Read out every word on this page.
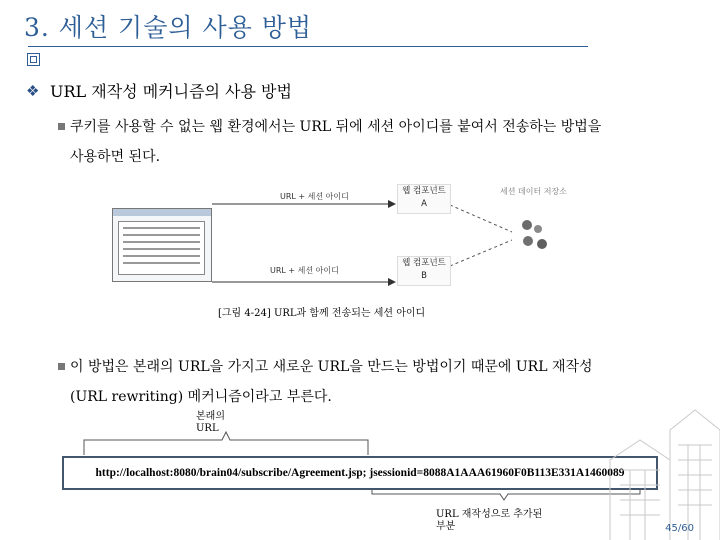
3. 세션 기술의 사용 방법
❖ URL 재작성 메커니즘의 사용 방법
쿠키를 사용할 수 없는 웹 환경에서는 URL 뒤에 세션 아이디를 붙여서 전송하는 방법을
사용하면 된다.
URL + 세션 아이디
URL + 세션 아이디
웹 컴포넌트
A
웹 컴포넌트
B
세션 데이터 저장소
[그림 4-24] URL과 함께 전송되는 세션 아이디
이 방법은 본래의 URL을 가지고 새로운 URL을 만드는 방법이기 때문에 URL 재작성
(URL rewriting) 메커니즘이라고 부른다.
본래의
URL
http://localhost:8080/brain04/subscribe/Agreement.jsp; jsessionid=8088A1AAA61960F0B113E331A1460089
URL 재작성으로 추가된
부분	45/60
